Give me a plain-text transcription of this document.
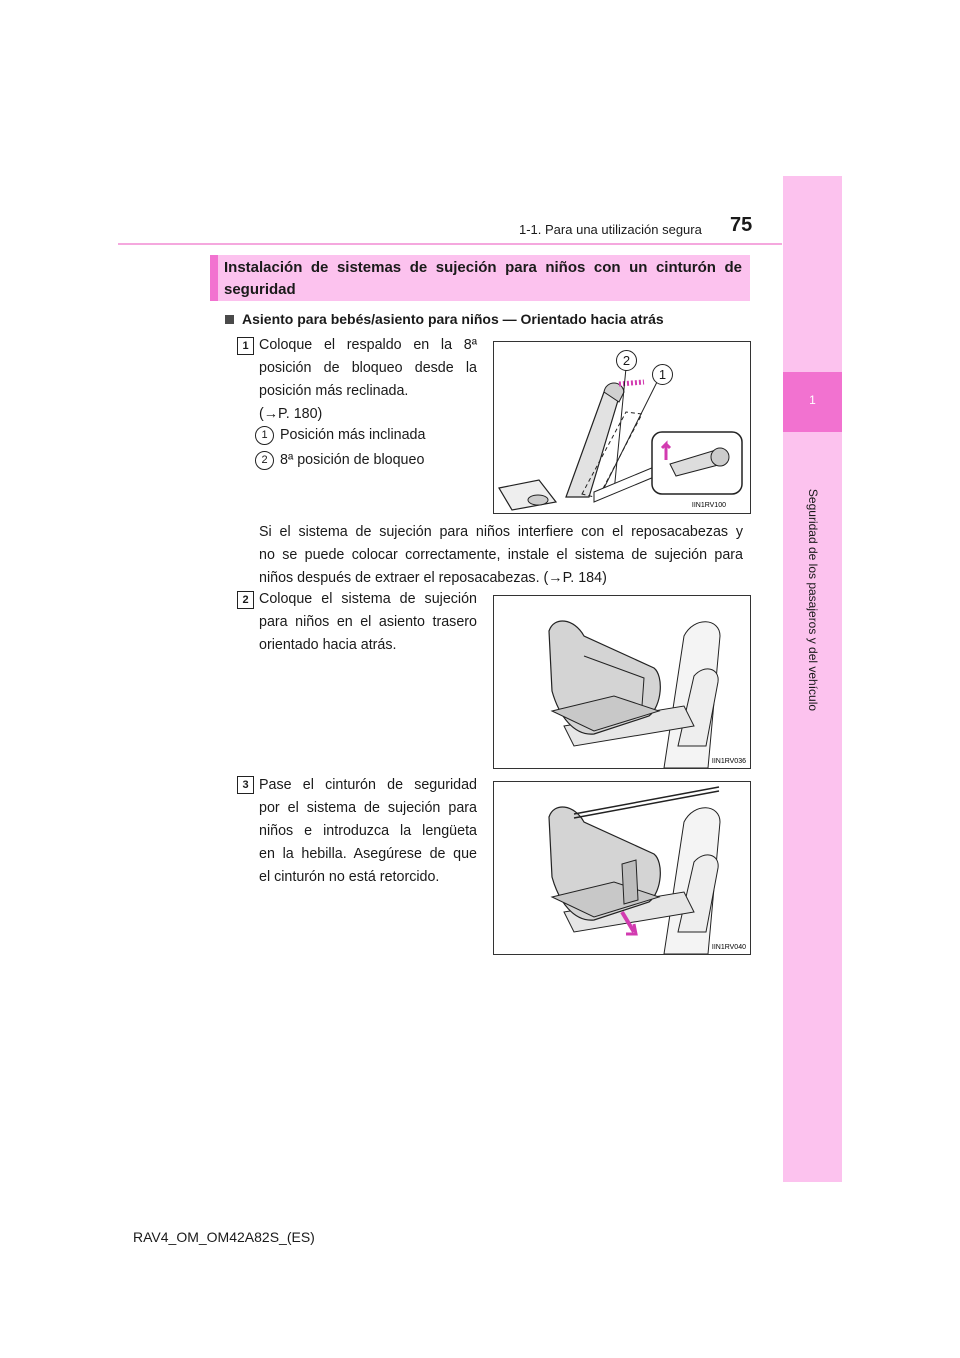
1-1. Para una utilización segura 75
1
Seguridad de los pasajeros y del vehículo
Instalación de sistemas de sujeción para niños con un cinturón de
seguridad
Asiento para bebés/asiento para niños — Orientado hacia atrás
1 Coloque el respaldo en la 8ª
posición de bloqueo desde la
posición más reclinada.
(→P. 180)
1 Posición más inclinada
2 8ª posición de bloqueo
IIN1RV100
2
1
Si el sistema de sujeción para niños interfiere con el reposacabezas y
no se puede colocar correctamente, instale el sistema de sujeción para
niños después de extraer el reposacabezas. (→P. 184)
2 Coloque el sistema de sujeción
para niños en el asiento trasero
orientado hacia atrás.
IIN1RV036
3 Pase el cinturón de seguridad
por el sistema de sujeción para
niños e introduzca la lengüeta
en la hebilla. Asegúrese de que
el cinturón no está retorcido.
IIN1RV040
RAV4_OM_OM42A82S_(ES)
